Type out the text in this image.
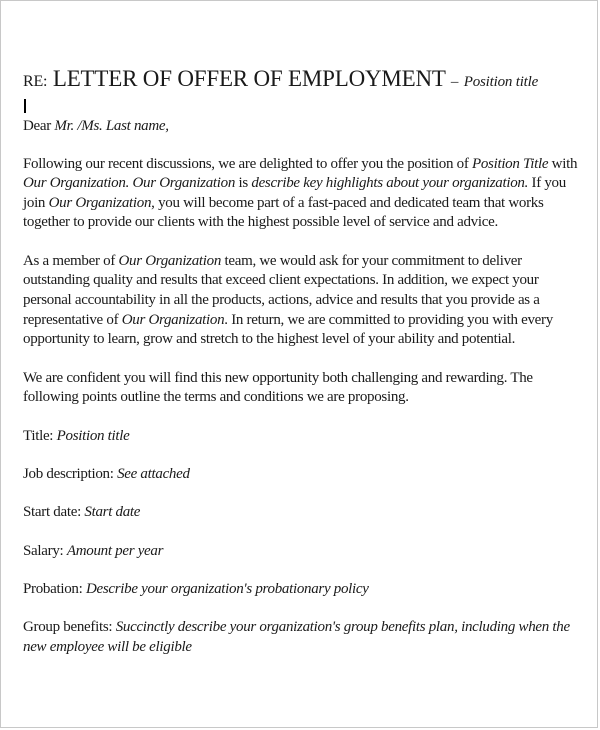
RE: LETTER OF OFFER OF EMPLOYMENT – Position title

Dear Mr. /Ms. Last name,

Following our recent discussions, we are delighted to offer you the position of Position Title with Our Organization. Our Organization is describe key highlights about your organization. If you join Our Organization, you will become part of a fast-paced and dedicated team that works together to provide our clients with the highest possible level of service and advice.

As a member of Our Organization team, we would ask for your commitment to deliver outstanding quality and results that exceed client expectations. In addition, we expect your personal accountability in all the products, actions, advice and results that you provide as a representative of Our Organization. In return, we are committed to providing you with every opportunity to learn, grow and stretch to the highest level of your ability and potential.

We are confident you will find this new opportunity both challenging and rewarding. The following points outline the terms and conditions we are proposing.

Title: Position title

Job description: See attached

Start date: Start date

Salary: Amount per year

Probation: Describe your organization's probationary policy

Group benefits: Succinctly describe your organization's group benefits plan, including when the new employee will be eligible
